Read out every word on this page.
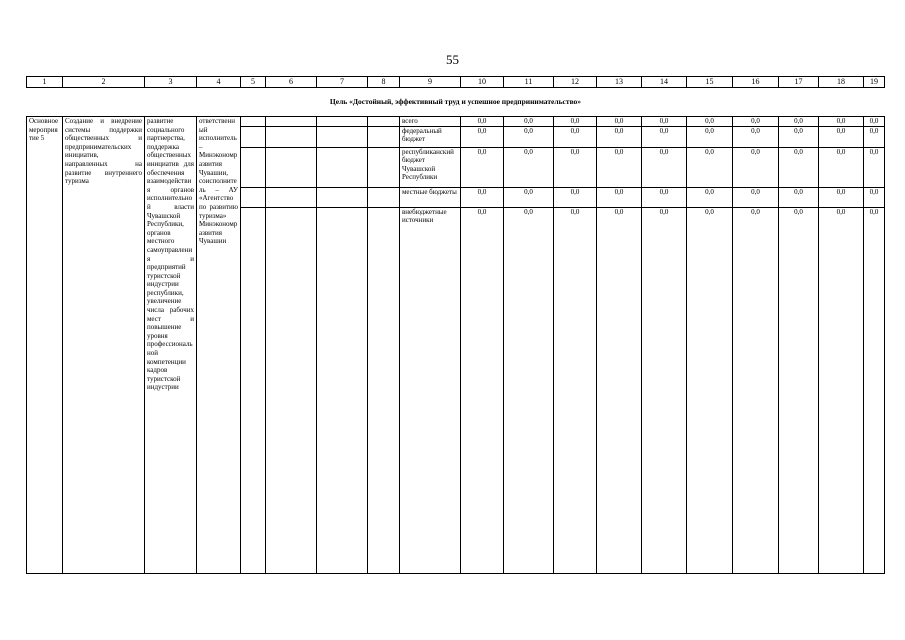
55
1	2	3	4	5	6	7	8	9	10	11	12	13	14	15	16	17	18	19
Цель «Достойный, эффективный труд и успешное предпринимательство»																		
Основное мероприятие 5	Создание и внедрение системы поддержки общественных и предпринимательских инициатив, направленных на развитие внутреннего туризма	развитие социального партнерства, поддержка общественных инициатив для обеспечения взаимодействия органов исполнительной власти Чувашской Республики, органов местного самоуправления и предприятий туристской индустрии республики, увеличение числа рабочих мест и повышение уровня профессиональной компетенции кадров туристской индустрии	ответственный исполнитель – Минэкономразвития Чувашии, соисполнитель – АУ «Агентство по развитию туризма» Минэкономразвития Чувашии					всего	0,0	0,0	0,0	0,0	0,0	0,0	0,0	0,0	0,0	0,0
								федеральный бюджет	0,0	0,0	0,0	0,0	0,0	0,0	0,0	0,0	0,0	0,0
								республиканский бюджет Чувашской Республики	0,0	0,0	0,0	0,0	0,0	0,0	0,0	0,0	0,0	0,0
								местные бюджеты	0,0	0,0	0,0	0,0	0,0	0,0	0,0	0,0	0,0	0,0
								внебюджетные источники	0,0	0,0	0,0	0,0	0,0	0,0	0,0	0,0	0,0	0,0
